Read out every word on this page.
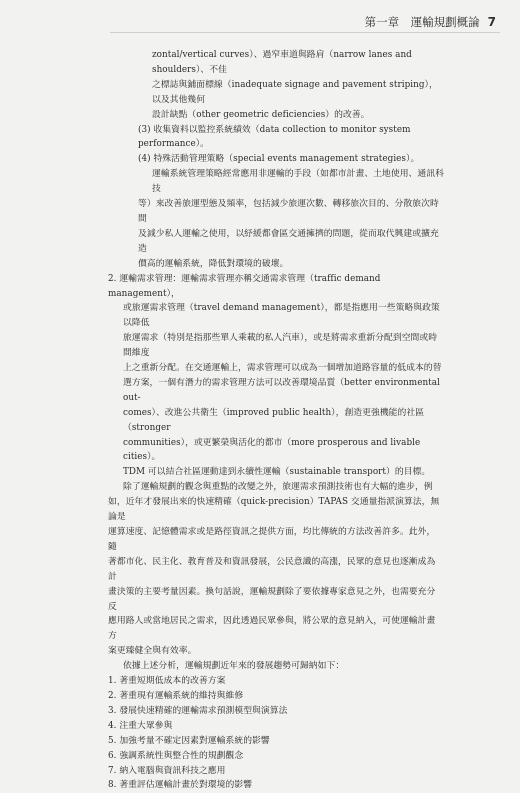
第一章　運輸規劃概論 7

zontal/vertical curves）、過窄車道與路肩（narrow lanes and shoulders）、不佳

之標誌與鋪面標線（inadequate signage and pavement striping），以及其他幾何

設計缺點（other geometric deficiencies）的改善。

(3) 收集資料以監控系統績效（data collection to monitor system performance）。

(4) 特殊活動管理策略（special events management strategies）。

運輸系統管理策略經常應用非運輸的手段（如都市計畫、土地使用、通訊科技

等）來改善旅運型態及頻率，包括減少旅運次數、轉移旅次目的、分散旅次時間

及減少私人運輸之使用，以紓緩都會區交通擁擠的問題，從而取代興建或擴充造

價高的運輸系統，降低對環境的破壞。

2. 運輸需求管理：運輸需求管理亦稱交通需求管理（traffic demand management），

或旅運需求管理（travel demand management），都是指應用一些策略與政策以降低

旅運需求（特別是指那些單人乘載的私人汽車），或是將需求重新分配到空間或時間維度

上之重新分配。在交通運輸上，需求管理可以成為一個增加道路容量的低成本的替

選方案，一個有潛力的需求管理方法可以改善環境品質（better environmental out-

comes）、改進公共衛生（improved public health），創造更強機能的社區（stronger

communities），或更繁榮與活化的都市（more prosperous and livable cities）。

TDM 可以結合社區運動達到永續性運輸（sustainable transport）的目標。

除了運輸規劃的觀念與重點的改變之外，旅運需求預測技術也有大幅的進步，例

如，近年才發展出來的快速精確（quick-precision）TAPAS 交通量指派演算法，無論是

運算速度、記憶體需求或是路徑資訊之提供方面，均比傳統的方法改善許多。此外，隨

著都市化、民主化、教育普及和資訊發展，公民意識的高漲，民眾的意見也逐漸成為計

畫決策的主要考量因素。換句話說，運輸規劃除了要依據專家意見之外，也需要充分反

應用路人或當地居民之需求，因此透過民眾參與，將公眾的意見納入，可使運輸計畫方

案更臻健全與有效率。

依據上述分析，運輸規劃近年來的發展趨勢可歸納如下：

1. 著重短期低成本的改善方案
2. 著重現有運輸系統的維持與維修
3. 發展快速精確的運輸需求預測模型與演算法
4. 注重大眾參與
5. 加強考量不確定因素對運輸系統的影響
6. 強調系統性與整合性的規劃觀念
7. 納入電腦與資訊科技之應用
8. 著重評估運輸計畫於對環境的影響
